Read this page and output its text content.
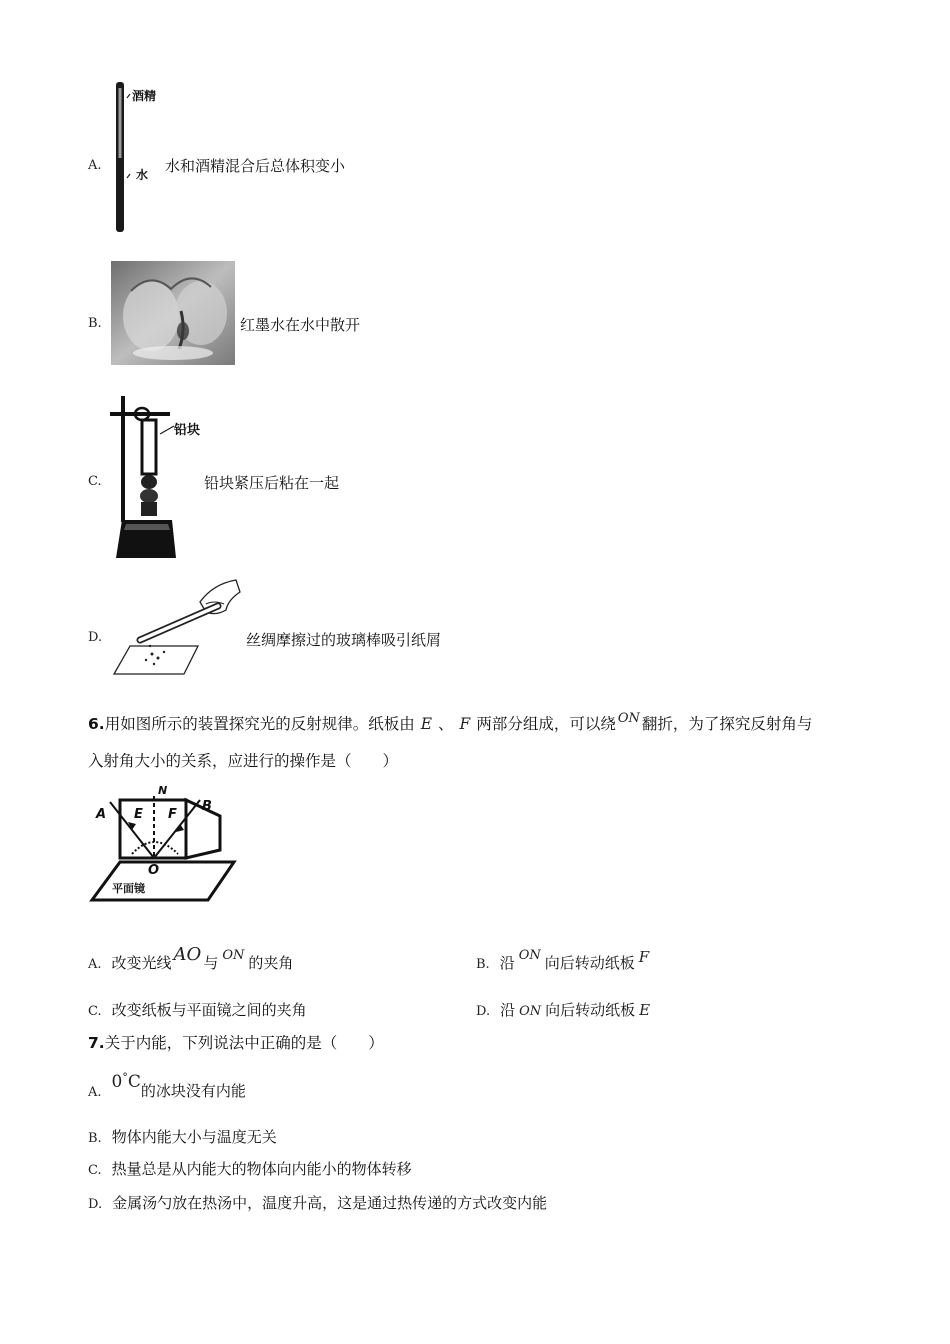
A.
酒精
水 水和酒精混合后总体积变小
B.	红墨水在水中散开
C.
铅块
铅块紧压后粘在一起
D.	丝绸摩擦过的玻璃棒吸引纸屑
6.用如图所示的装置探究光的反射规律。纸板由 E 、 F 两部分组成，可以绕 $^{ON}$ 翻折，为了探究反射角与
入射角大小的关系，应进行的操作是（　　）
A
N
E F
B
O
平面镜
A. 改变光线 AO 与 ON 的夹角	B. 沿 ON 向后转动纸板 F
C. 改变纸板与平面镜之间的夹角	D. 沿 ON 向后转动纸板 E
7.关于内能，下列说法中正确的是（　　）
A.0°C的冰块没有内能
B. 物体内能大小与温度无关
C. 热量总是从内能大的物体向内能小的物体转移
D. 金属汤勺放在热汤中，温度升高，这是通过热传递的方式改变内能
